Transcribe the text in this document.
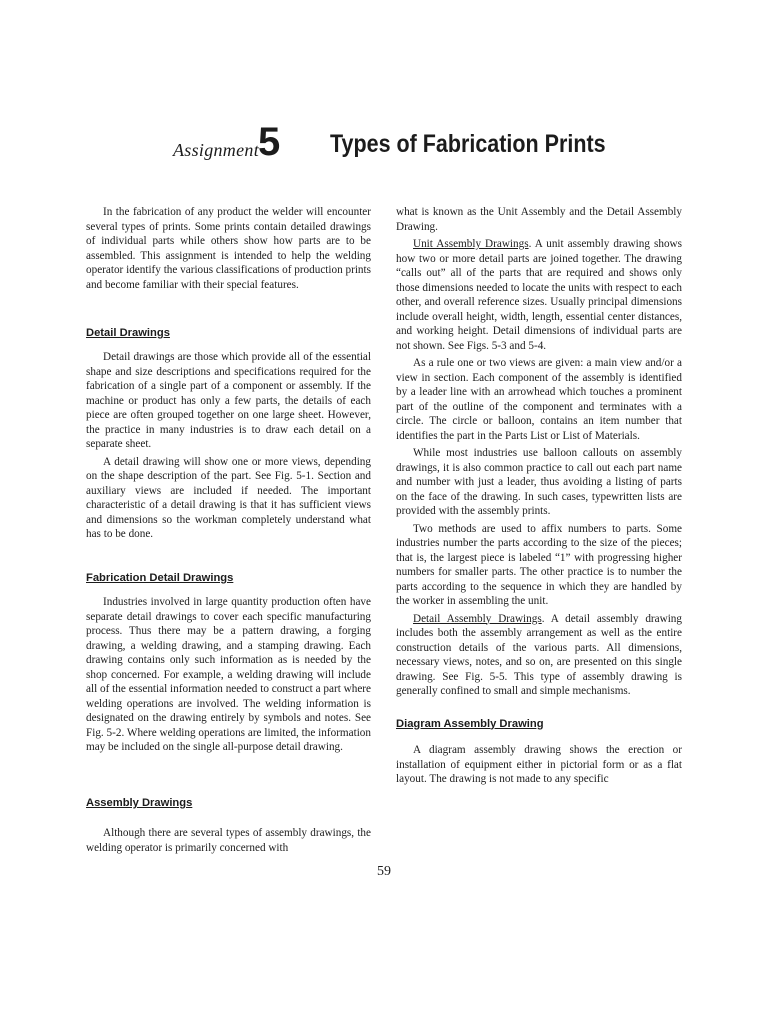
Assignment 5 Types of Fabrication Prints

In the fabrication of any product the welder will encounter several types of prints. Some prints contain detailed drawings of individual parts while others show how parts are to be assembled. This assignment is intended to help the welding operator identify the various classifications of production prints and become familiar with their special features.

Detail Drawings

Detail drawings are those which provide all of the essential shape and size descriptions and specifications required for the fabrication of a single part of a component or assembly. If the machine or product has only a few parts, the details of each piece are often grouped together on one large sheet. However, the practice in many industries is to draw each detail on a separate sheet.

A detail drawing will show one or more views, depending on the shape description of the part. See Fig. 5-1. Section and auxiliary views are included if needed. The important characteristic of a detail drawing is that it has sufficient views and dimensions so the workman completely understand what has to be done.

Fabrication Detail Drawings

Industries involved in large quantity production often have separate detail drawings to cover each specific manufacturing process. Thus there may be a pattern drawing, a forging drawing, a welding drawing, and a stamping drawing. Each drawing contains only such information as is needed by the shop concerned. For example, a welding drawing will include all of the essential information needed to construct a part where welding operations are involved. The welding information is designated on the drawing entirely by symbols and notes. See Fig. 5-2. Where welding operations are limited, the information may be included on the single all-purpose detail drawing.

Assembly Drawings

Although there are several types of assembly drawings, the welding operator is primarily concerned with

what is known as the Unit Assembly and the Detail Assembly Drawing.

Unit Assembly Drawings. A unit assembly drawing shows how two or more detail parts are joined together. The drawing “calls out” all of the parts that are required and shows only those dimensions needed to locate the units with respect to each other, and overall reference sizes. Usually principal dimensions include overall height, width, length, essential center distances, and working height. Detail dimensions of individual parts are not shown. See Figs. 5-3 and 5-4.

As a rule one or two views are given: a main view and/or a view in section. Each component of the assembly is identified by a leader line with an arrowhead which touches a prominent part of the outline of the component and terminates with a circle. The circle or balloon, contains an item number that identifies the part in the Parts List or List of Materials.

While most industries use balloon callouts on assembly drawings, it is also common practice to call out each part name and number with just a leader, thus avoiding a listing of parts on the face of the drawing. In such cases, typewritten lists are provided with the assembly prints.

Two methods are used to affix numbers to parts. Some industries number the parts according to the size of the pieces; that is, the largest piece is labeled “1” with progressing higher numbers for smaller parts. The other practice is to number the parts according to the sequence in which they are handled by the worker in assembling the unit.

Detail Assembly Drawings. A detail assembly drawing includes both the assembly arrangement as well as the entire construction details of the various parts. All dimensions, necessary views, notes, and so on, are presented on this single drawing. See Fig. 5-5. This type of assembly drawing is generally confined to small and simple mechanisms.

Diagram Assembly Drawing

A diagram assembly drawing shows the erection or installation of equipment either in pictorial form or as a flat layout. The drawing is not made to any specific

59
